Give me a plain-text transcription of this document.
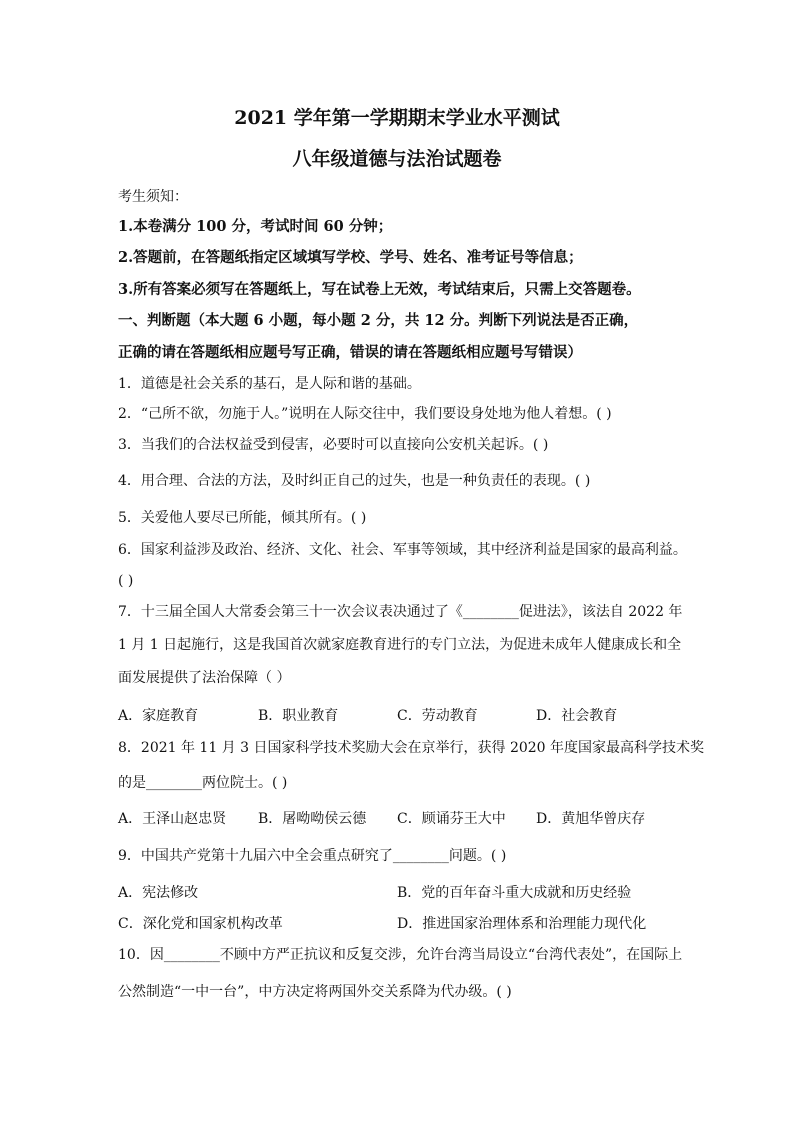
2021 学年第一学期期末学业水平测试
八年级道德与法治试题卷
考生须知：
1.本卷满分 100 分，考试时间 60 分钟；
2.答题前，在答题纸指定区域填写学校、学号、姓名、准考证号等信息；
3.所有答案必须写在答题纸上，写在试卷上无效，考试结束后，只需上交答题卷。
一、判断题（本大题 6 小题，每小题 2 分，共 12 分。判断下列说法是否正确，
正确的请在答题纸相应题号写正确，错误的请在答题纸相应题号写错误）
1．道德是社会关系的基石，是人际和谐的基础。
2．“己所不欲，勿施于人。”说明在人际交往中，我们要设身处地为他人着想。( )
3．当我们的合法权益受到侵害，必要时可以直接向公安机关起诉。( )
4．用合理、合法的方法，及时纠正自己的过失，也是一种负责任的表现。( )
5．关爱他人要尽已所能，倾其所有。( )
6．国家利益涉及政治、经济、文化、社会、军事等领域，其中经济利益是国家的最高利益。
( )
7．十三届全国人大常委会第三十一次会议表决通过了《________促进法》，该法自 2022 年
1 月 1 日起施行，这是我国首次就家庭教育进行的专门立法，为促进未成年人健康成长和全
面发展提供了法治保障（ ）
A．家庭教育	B．职业教育	C．劳动教育	D．社会教育
8．2021 年 11 月 3 日国家科学技术奖励大会在京举行，获得 2020 年度国家最高科学技术奖
的是________两位院士。( )
A．王泽山赵忠贤 B．屠呦呦侯云德 C．顾诵芬王大中 D．黄旭华曾庆存
9．中国共产党第十九届六中全会重点研究了________问题。( )
A．宪法修改	B．党的百年奋斗重大成就和历史经验
C．深化党和国家机构改革	D．推进国家治理体系和治理能力现代化
10．因________不顾中方严正抗议和反复交涉，允许台湾当局设立“台湾代表处”，在国际上
公然制造“一中一台”，中方决定将两国外交关系降为代办级。( )
